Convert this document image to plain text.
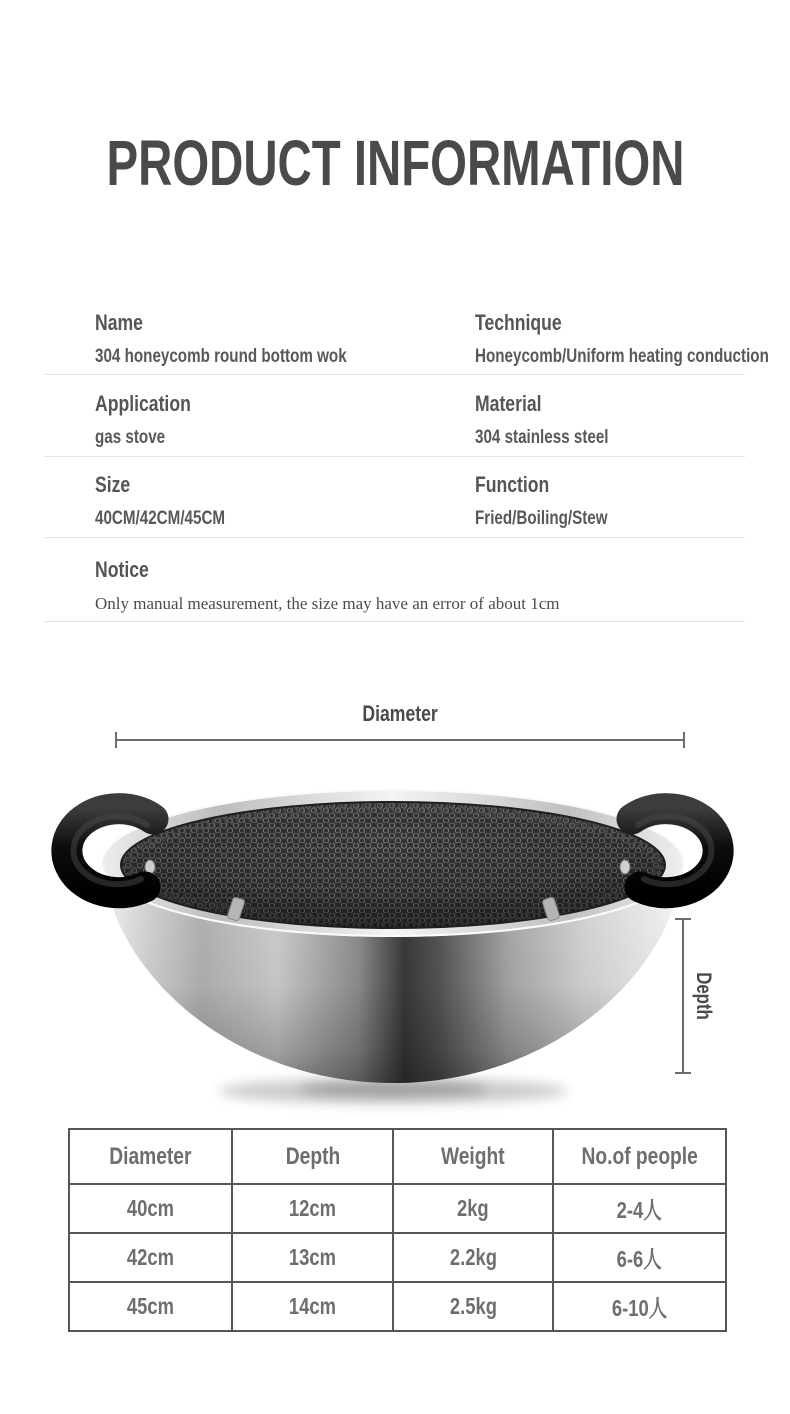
PRODUCT INFORMATION
Name
304 honeycomb round bottom wok
Technique
Honeycomb/Uniform heating conduction
Application
gas stove
Material
304 stainless steel
Size
40CM/42CM/45CM
Function
Fried/Boiling/Stew
Notice
Only manual measurement, the size may have an error of about 1cm
Diameter
Depth
Diameter	Depth	Weight	No.of people
40cm	12cm	2kg	2-4人
42cm	13cm	2.2kg	6-6人
45cm	14cm	2.5kg	6-10人
